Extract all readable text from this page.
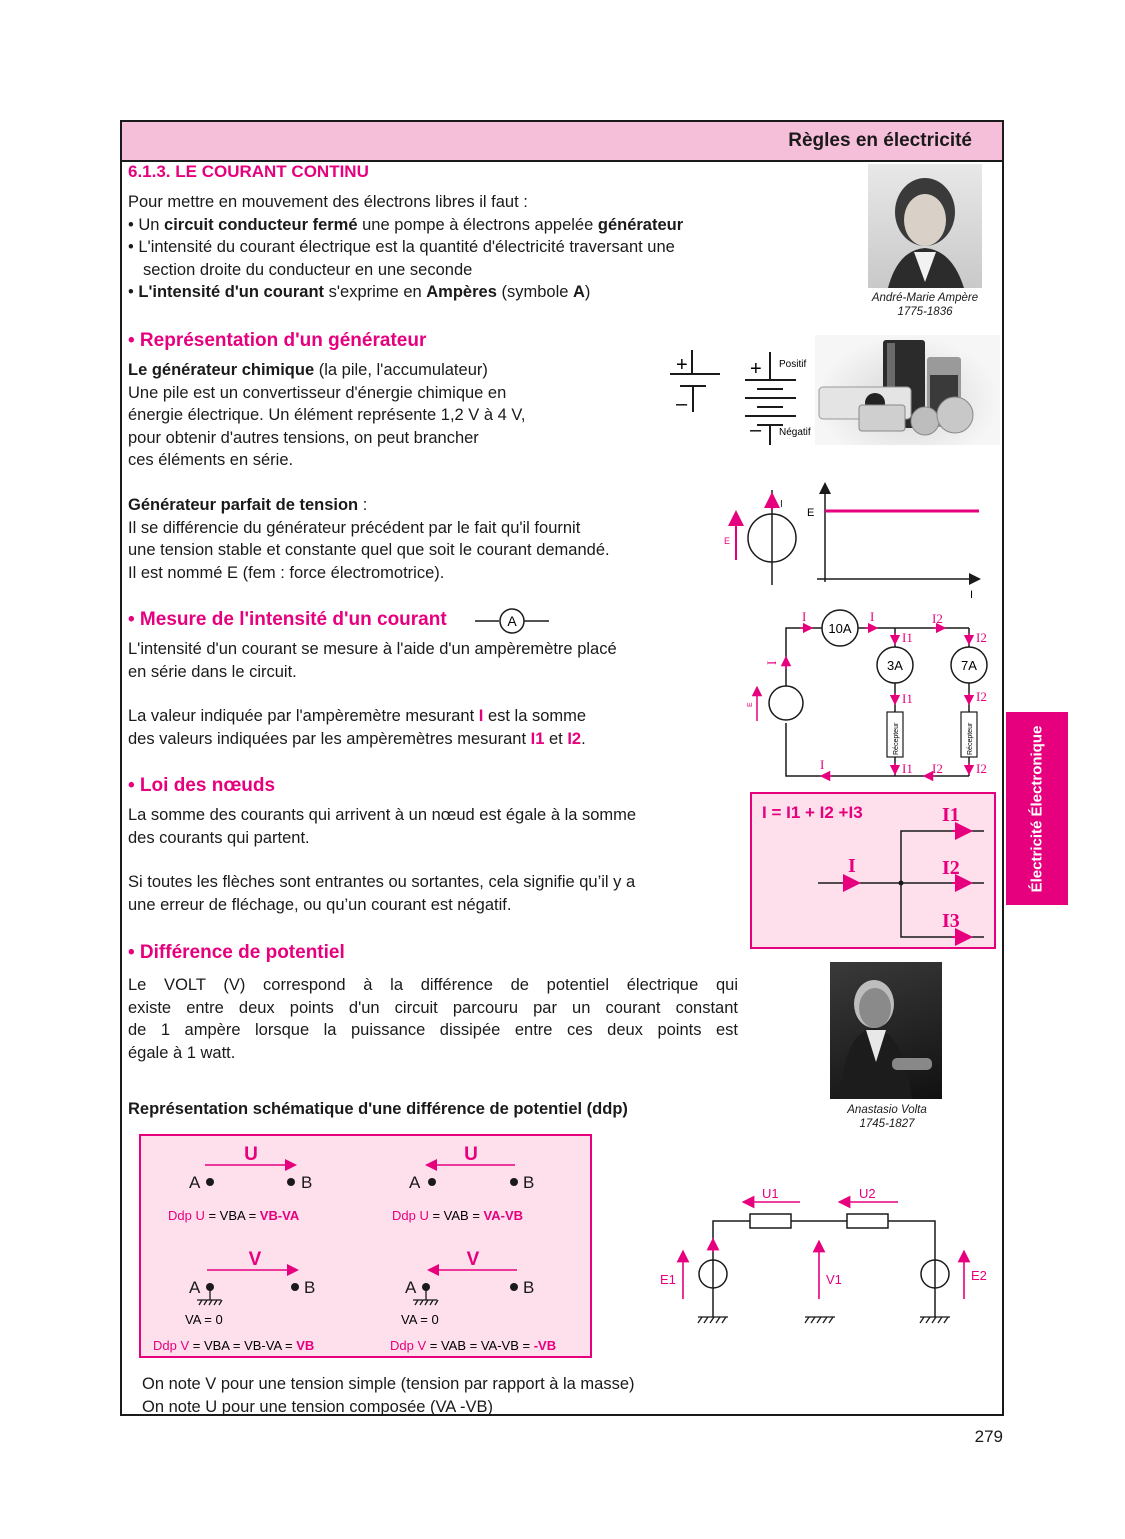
Règles en électricité
6.1.3. LE COURANT CONTINU
Pour mettre en mouvement des électrons libres il faut :
• Un circuit conducteur fermé une pompe à électrons appelée générateur
• L'intensité du courant électrique est la quantité d'électricité traversant une
section droite du conducteur en une seconde
• L'intensité d'un courant s'exprime en Ampères (symbole A)	André-Marie Ampère
1775-1836
• Représentation d'un générateur
Le générateur chimique (la pile, l'accumulateur)
Une pile est un convertisseur d'énergie chimique en
énergie électrique. Un élément représente 1,2 V à 4 V,
pour obtenir d'autres tensions, on peut brancher
ces éléments en série.
+
–
+
–
Positif
Négatif
Générateur parfait de tension :
Il se différencie du générateur précédent par le fait qu'il fournit
une tension stable et constante quel que soit le courant demandé.
Il est nommé E (fem : force électromotrice).
I
E
E
I
• Mesure de l'intensité d'un courant	A
L'intensité d'un courant se mesure à l'aide d'un ampèremètre placé
en série dans le circuit.
La valeur indiquée par l'ampèremètre mesurant I est la somme
des valeurs indiquées par les ampèremètres mesurant I1 et I2.
10A
3A	7A
Récepteur	Récepteur
I	I	I2
I1	I2
I1	I2
I1 I2	I2
I
I
E
• Loi des nœuds
La somme des courants qui arrivent à un nœud est égale à la somme
des courants qui partent.
Si toutes les flèches sont entrantes ou sortantes, cela signifie qu’il y a
une erreur de fléchage, ou qu’un courant est négatif.
I = I1 + I2 +I3
I
I1
I2
I3
Électricité Électronique
• Différence de potentiel
Le VOLT (V) correspond à la différence de potentiel électrique qui
existe entre deux points d'un circuit parcouru par un courant constant
de 1 ampère lorsque la puissance dissipée entre ces deux points est
égale à 1 watt.
Anastasio Volta
1745-1827
Représentation schématique d'une différence de potentiel (ddp)
U	U
V	V
A	B	A	B
A	B	A	B
VA = 0	VA = 0
Ddp U = VBA = VB-VA	Ddp U = VAB = VA-VB
Ddp V = VBA = VB-VA = VB	Ddp V = VAB = VA-VB = -VB
U1	U2
E1	V1	E2
On note V pour une tension simple (tension par rapport à la masse)
On note U pour une tension composée (VA -VB)
279
